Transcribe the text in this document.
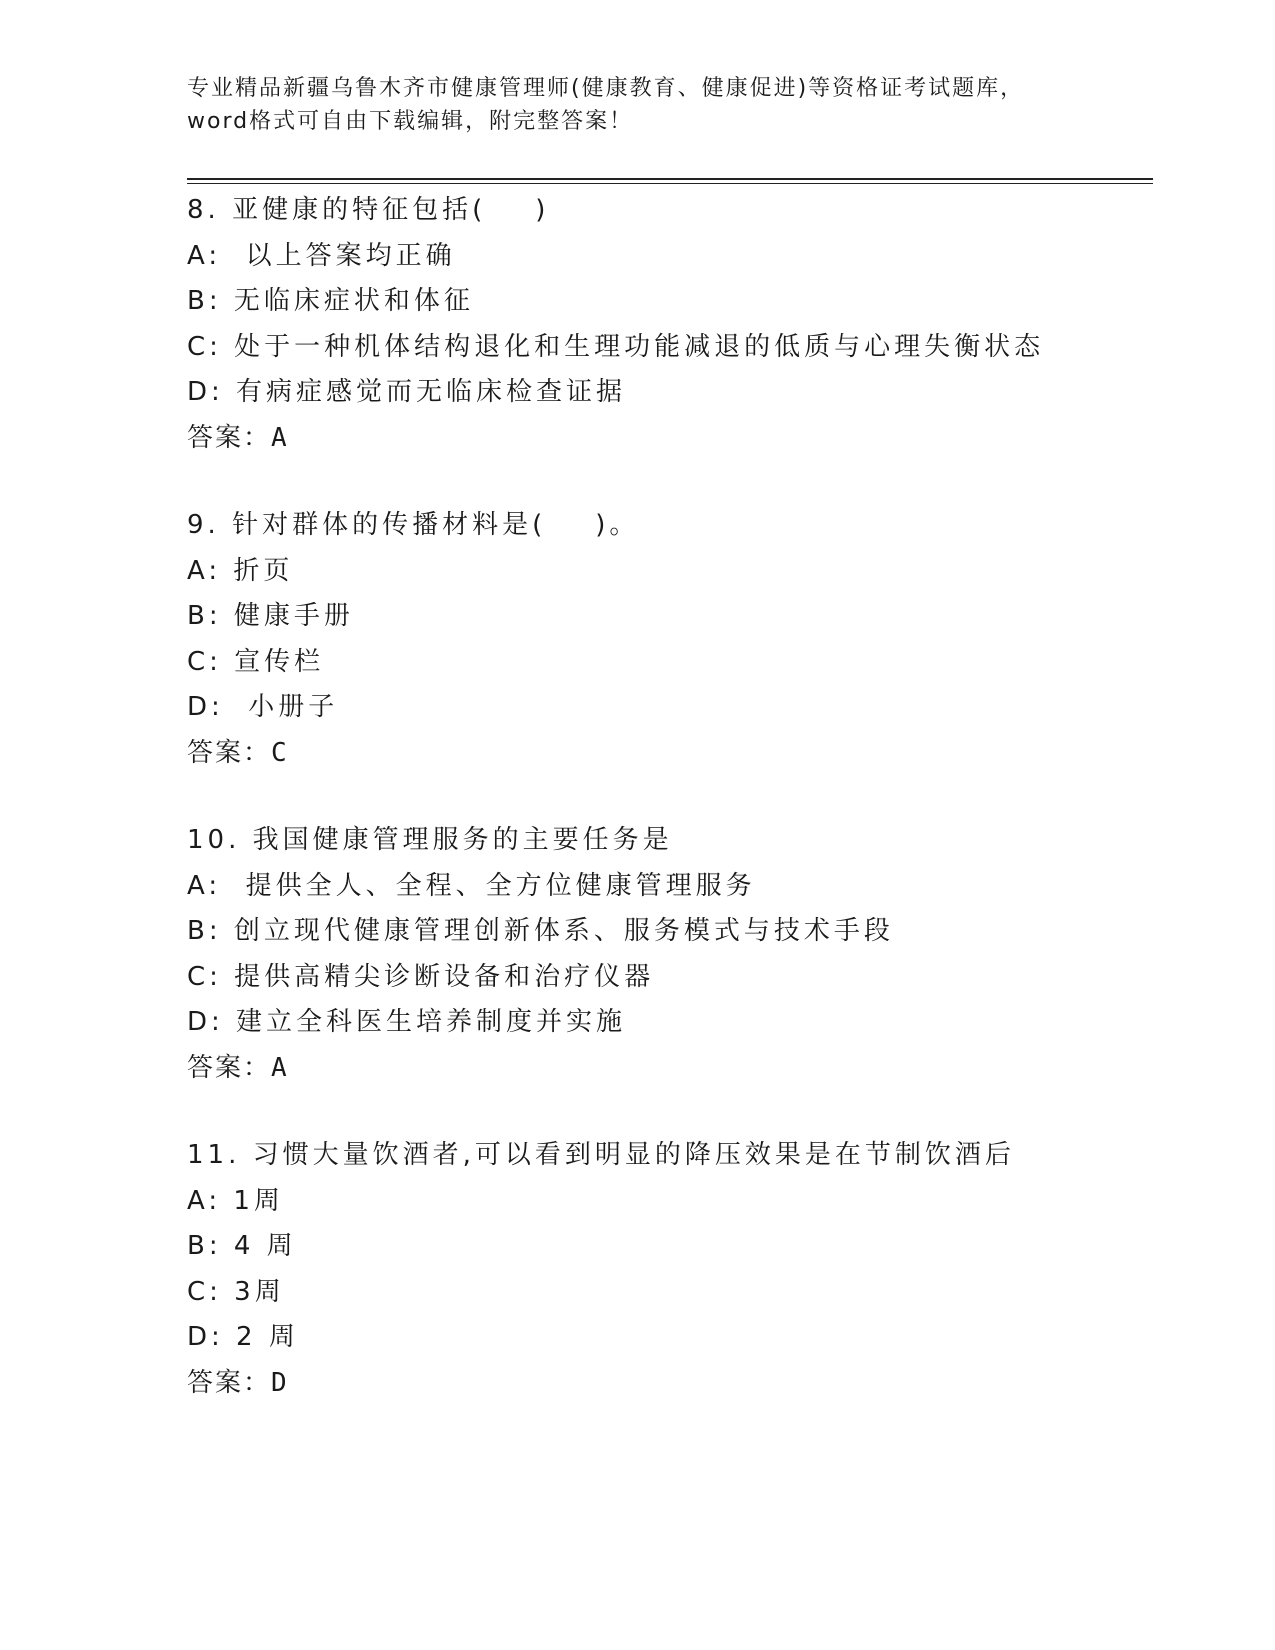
专业精品新疆乌鲁木齐市健康管理师(健康教育、健康促进)等资格证考试题库，
word格式可自由下载编辑，附完整答案！
8. 亚健康的特征包括(    )
A:  以上答案均正确
B: 无临床症状和体征
C: 处于一种机体结构退化和生理功能减退的低质与心理失衡状态
D: 有病症感觉而无临床检查证据
答案：A
9. 针对群体的传播材料是(    )。
A: 折页
B: 健康手册
C: 宣传栏
D:  小册子
答案：C
10. 我国健康管理服务的主要任务是
A:  提供全人、全程、全方位健康管理服务
B: 创立现代健康管理创新体系、服务模式与技术手段
C: 提供高精尖诊断设备和治疗仪器
D: 建立全科医生培养制度并实施
答案：A
11. 习惯大量饮酒者,可以看到明显的降压效果是在节制饮酒后
A: 1周
B: 4 周
C: 3周
D: 2 周
答案：D
